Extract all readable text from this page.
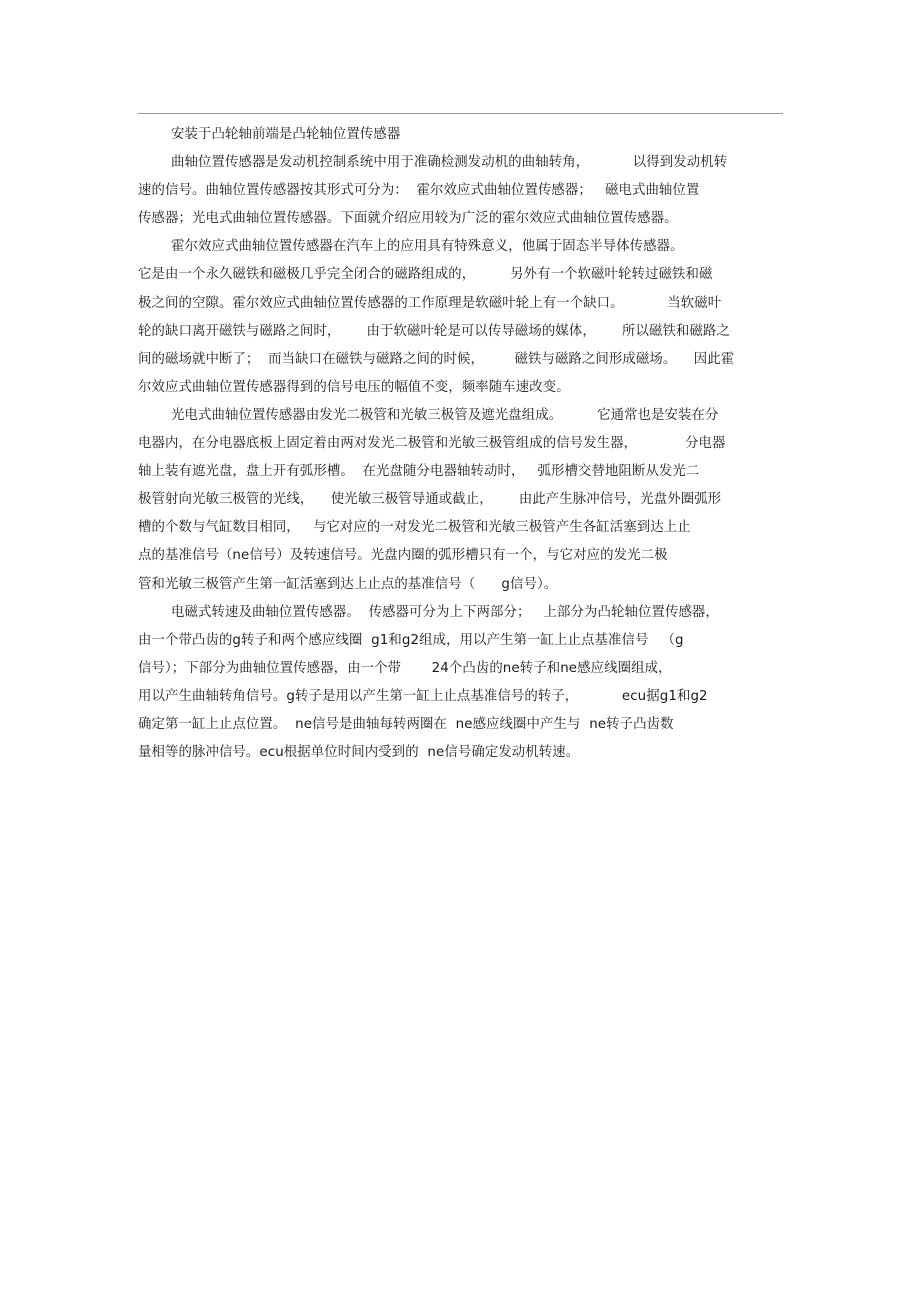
安装于凸轮轴前端是凸轮轴位置传感器
曲轴位置传感器是发动机控制系统中用于准确检测发动机的曲轴转角，          以得到发动机转
速的信号。曲轴位置传感器按其形式可分为：  霍尔效应式曲轴位置传感器；   磁电式曲轴位置
传感器；光电式曲轴位置传感器。下面就介绍应用较为广泛的霍尔效应式曲轴位置传感器。
霍尔效应式曲轴位置传感器在汽车上的应用具有特殊意义，他属于固态半导体传感器。
它是由一个永久磁铁和磁极几乎完全闭合的磁路组成的，        另外有一个软磁叶轮转过磁铁和磁
极之间的空隙。霍尔效应式曲轴位置传感器的工作原理是软磁叶轮上有一个缺口。          当软磁叶
轮的缺口离开磁铁与磁路之间时，      由于软磁叶轮是可以传导磁场的媒体，      所以磁铁和磁路之
间的磁场就中断了；  而当缺口在磁铁与磁路之间的时候，       磁铁与磁路之间形成磁场。    因此霍
尔效应式曲轴位置传感器得到的信号电压的幅值不变，频率随车速改变。
光电式曲轴位置传感器由发光二极管和光敏三极管及遮光盘组成。        它通常也是安装在分
电器内，在分电器底板上固定着由两对发光二极管和光敏三极管组成的信号发生器，           分电器
轴上装有遮光盘，盘上开有弧形槽。  在光盘随分电器轴转动时，   弧形槽交替地阻断从发光二
极管射向光敏三极管的光线，    使光敏三极管导通或截止，      由此产生脉冲信号，光盘外圈弧形
槽的个数与气缸数目相同，   与它对应的一对发光二极管和光敏三极管产生各缸活塞到达上止
点的基准信号（ne信号）及转速信号。光盘内圈的弧形槽只有一个，与它对应的发光二极
管和光敏三极管产生第一缸活塞到达上止点的基准信号（      g信号）。
电磁式转速及曲轴位置传感器。  传感器可分为上下两部分；   上部分为凸轮轴位置传感器，
由一个带凸齿的g转子和两个感应线圈  g1和g2组成，用以产生第一缸上止点基准信号   （g
信号）；下部分为曲轴位置传感器，由一个带       24个凸齿的ne转子和ne感应线圈组成，
用以产生曲轴转角信号。g转子是用以产生第一缸上止点基准信号的转子，          ecu据g1和g2
确定第一缸上止点位置。  ne信号是曲轴每转两圈在  ne感应线圈中产生与  ne转子凸齿数
量相等的脉冲信号。ecu根据单位时间内受到的  ne信号确定发动机转速。
